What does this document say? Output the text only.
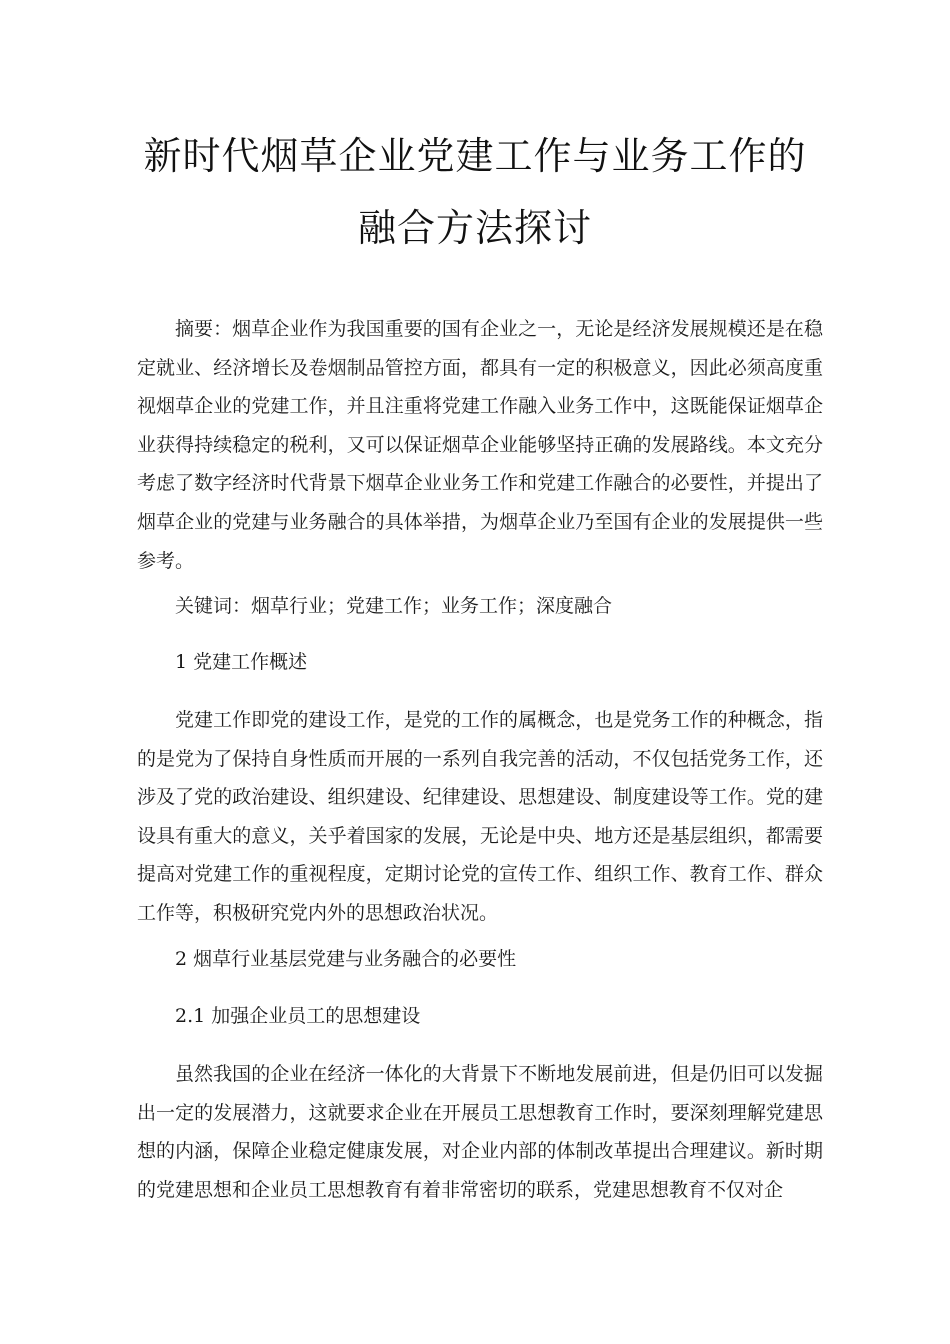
新时代烟草企业党建工作与业务工作的
融合方法探讨

摘要：烟草企业作为我国重要的国有企业之一，无论是经济发展规模还是在稳定就业、经济增长及卷烟制品管控方面，都具有一定的积极意义，因此必须高度重视烟草企业的党建工作，并且注重将党建工作融入业务工作中，这既能保证烟草企业获得持续稳定的税利，又可以保证烟草企业能够坚持正确的发展路线。本文充分考虑了数字经济时代背景下烟草企业业务工作和党建工作融合的必要性，并提出了烟草企业的党建与业务融合的具体举措，为烟草企业乃至国有企业的发展提供一些参考。

关键词：烟草行业；党建工作；业务工作；深度融合

1 党建工作概述

党建工作即党的建设工作，是党的工作的属概念，也是党务工作的种概念，指的是党为了保持自身性质而开展的一系列自我完善的活动，不仅包括党务工作，还涉及了党的政治建设、组织建设、纪律建设、思想建设、制度建设等工作。党的建设具有重大的意义，关乎着国家的发展，无论是中央、地方还是基层组织，都需要提高对党建工作的重视程度，定期讨论党的宣传工作、组织工作、教育工作、群众工作等，积极研究党内外的思想政治状况。

2 烟草行业基层党建与业务融合的必要性

2.1 加强企业员工的思想建设

虽然我国的企业在经济一体化的大背景下不断地发展前进，但是仍旧可以发掘出一定的发展潜力，这就要求企业在开展员工思想教育工作时，要深刻理解党建思想的内涵，保障企业稳定健康发展，对企业内部的体制改革提出合理建议。新时期的党建思想和企业员工思想教育有着非常密切的联系，党建思想教育不仅对企
